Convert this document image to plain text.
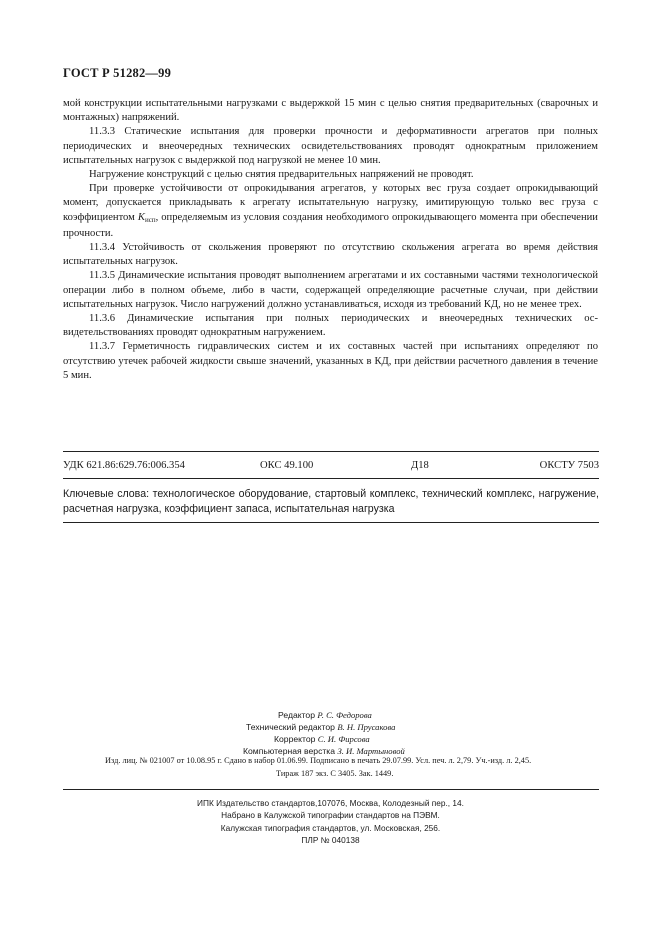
ГОСТ Р 51282—99

мой конструкции испытательными нагрузками с выдержкой 15 мин с целью снятия предварительных (сварочных и монтажных) напряжений.

11.3.3 Статические испытания для проверки прочности и деформативности агрегатов при полных периодических и внеочередных технических освидетельствованиях проводят однократным приложением испытательных нагрузок с выдержкой под нагрузкой не менее 10 мин.

Нагружение конструкций с целью снятия предварительных напряжений не проводят.

При проверке устойчивости от опрокидывания агрегатов, у которых вес груза создает опрокидывающий момент, допускается прикладывать к агрегату испытательную нагрузку, имитирующую только вес груза с коэффициентом Kисп, определяемым из условия создания необходимого опрокидывающего момента при обеспечении прочности.

11.3.4 Устойчивость от скольжения проверяют по отсутствию скольжения агрегата во время действия испытательных нагрузок.

11.3.5 Динамические испытания проводят выполнением агрегатами и их составными частями технологической операции либо в полном объеме, либо в части, содержащей определяющие расчетные случаи, при действии испытательных нагрузок. Число нагружений должно устанавливаться, исходя из требований КД, но не менее трех.

11.3.6 Динамические испытания при полных периодических и внеочередных технических освидетельствованиях проводят однократным нагружением.

11.3.7 Герметичность гидравлических систем и их составных частей при испытаниях определяют по отсутствию утечек рабочей жидкости свыше значений, указанных в КД, при действии расчетного давления в течение 5 мин.

УДК 621.86:629.76:006.354	ОКС 49.100	Д18	ОКСТУ 7503
Ключевые слова: технологическое оборудование, стартовый комплекс, технический комплекс, нагружение, расчетная нагрузка, коэффициент запаса, испытательная нагрузка
Редактор Р. С. Федорова
Технический редактор В. Н. Прусакова
Корректор С. И. Фирсова
Компьютерная верстка З. И. Мартыновой
Изд. лиц. № 021007 от 10.08.95 г. Сдано в набор 01.06.99. Подписано в печать 29.07.99. Усл. печ. л. 2,79. Уч.-изд. л. 2,45.
Тираж 187 экз. С 3405. Зак. 1449.
ИПК Издательство стандартов,107076, Москва, Колодезный пер., 14.
Набрано в Калужской типографии стандартов на ПЭВМ.
Калужская типография стандартов, ул. Московская, 256.
ПЛР № 040138
